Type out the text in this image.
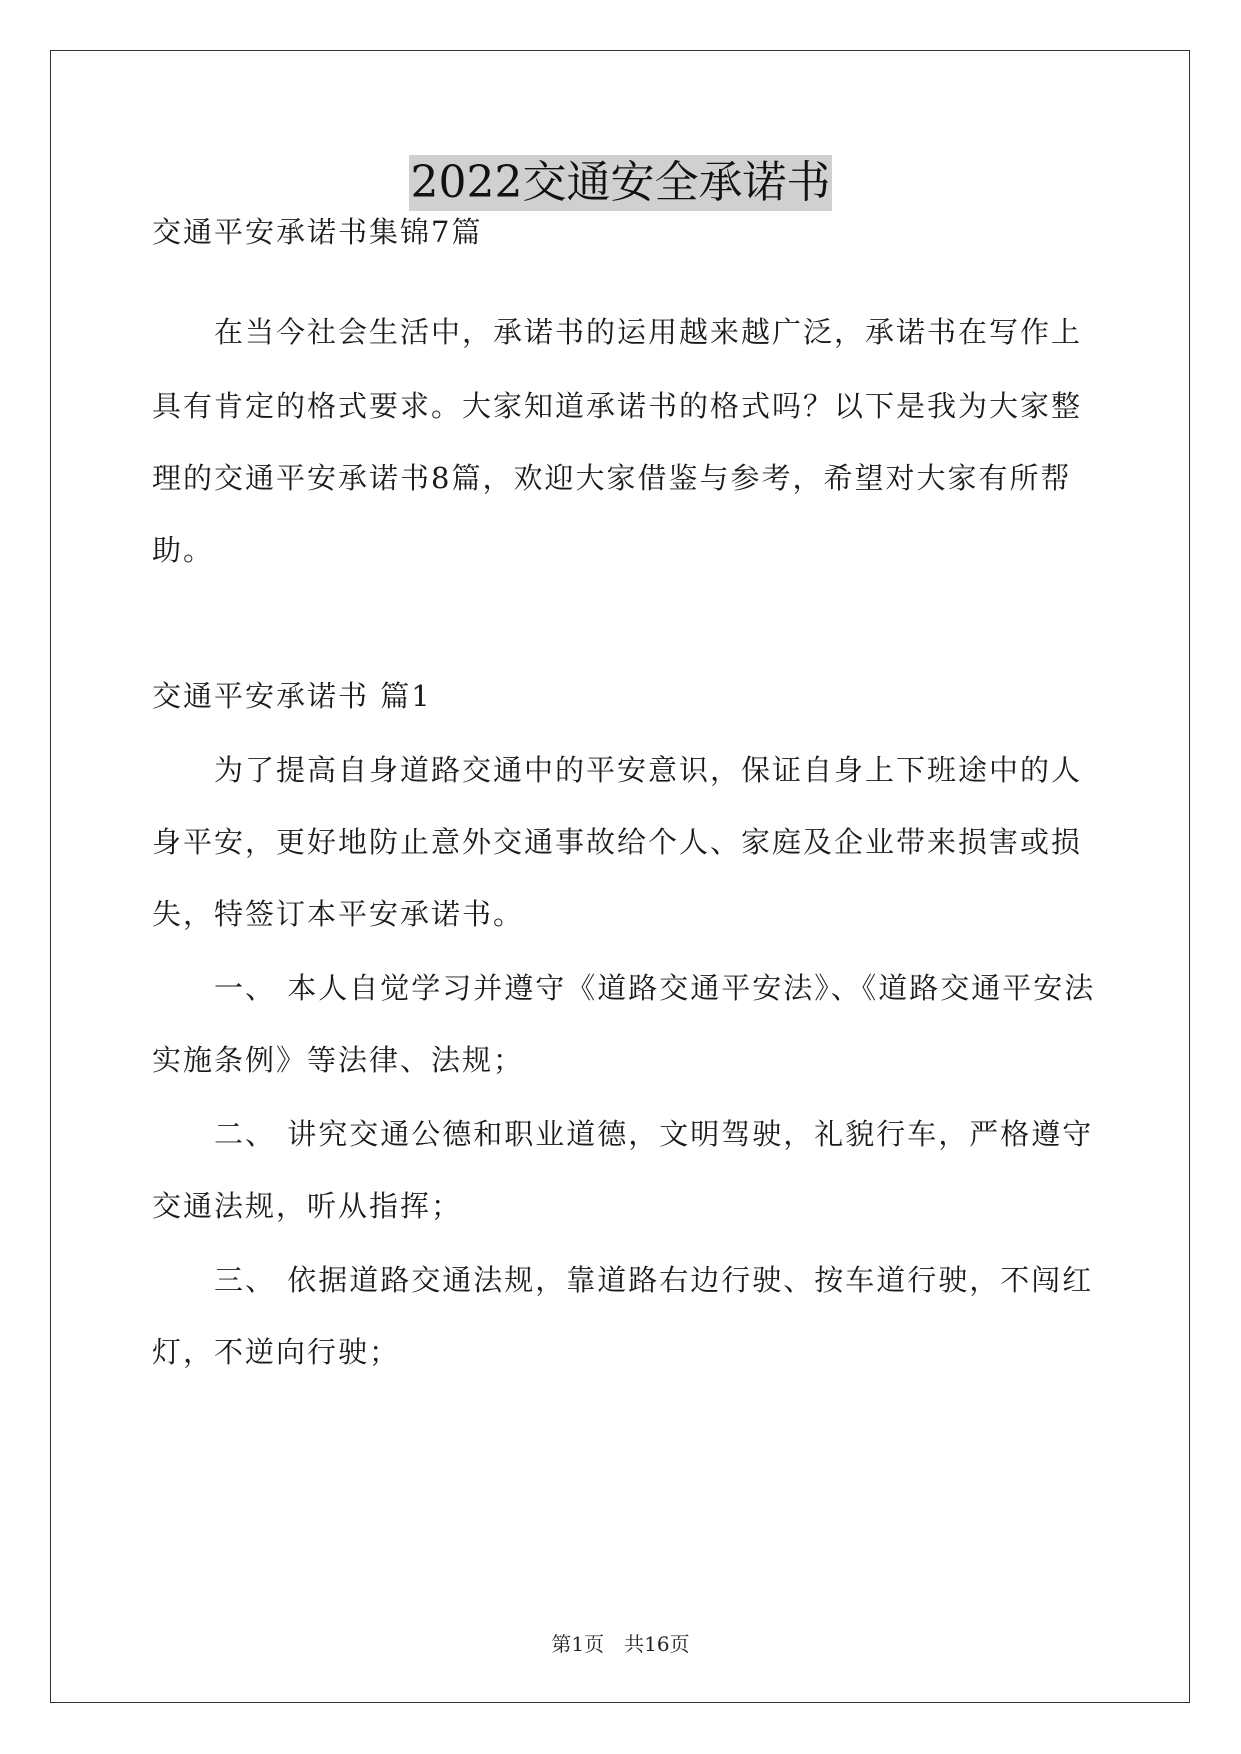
2022交通安全承诺书
交通平安承诺书集锦7篇
在当今社会生活中，承诺书的运用越来越广泛，承诺书在写作上
具有肯定的格式要求。大家知道承诺书的格式吗？以下是我为大家整
理的交通平安承诺书8篇，欢迎大家借鉴与参考，希望对大家有所帮
助。
交通平安承诺书 篇1
为了提高自身道路交通中的平安意识，保证自身上下班途中的人
身平安，更好地防止意外交通事故给个人、家庭及企业带来损害或损
失，特签订本平安承诺书。
一、 本人自觉学习并遵守《道路交通平安法》、《道路交通平安法
实施条例》等法律、法规；
二、 讲究交通公德和职业道德，文明驾驶，礼貌行车，严格遵守
交通法规，听从指挥；
三、 依据道路交通法规，靠道路右边行驶、按车道行驶，不闯红
灯，不逆向行驶；
第1页　共16页
